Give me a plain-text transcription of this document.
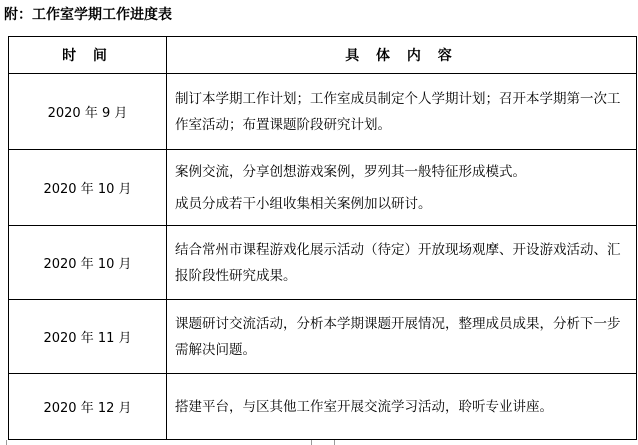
附：工作室学期工作进度表
时 间	具 体 内 容
2020 年 9 月	制订本学期工作计划；工作室成员制定个人学期计划；召开本学期第一次工作室活动；布置课题阶段研究计划。

2020 年 10 月	案例交流，分享创想游戏案例，罗列其一般特征形成模式。

成员分成若干小组收集相关案例加以研讨。

2020 年 10 月	结合常州市课程游戏化展示活动（待定）开放现场观摩、开设游戏活动、汇报阶段性研究成果。

2020 年 11 月	课题研讨交流活动，分析本学期课题开展情况，整理成员成果，分析下一步需解决问题。

2020 年 12 月	搭建平台，与区其他工作室开展交流学习活动，聆听专业讲座。
